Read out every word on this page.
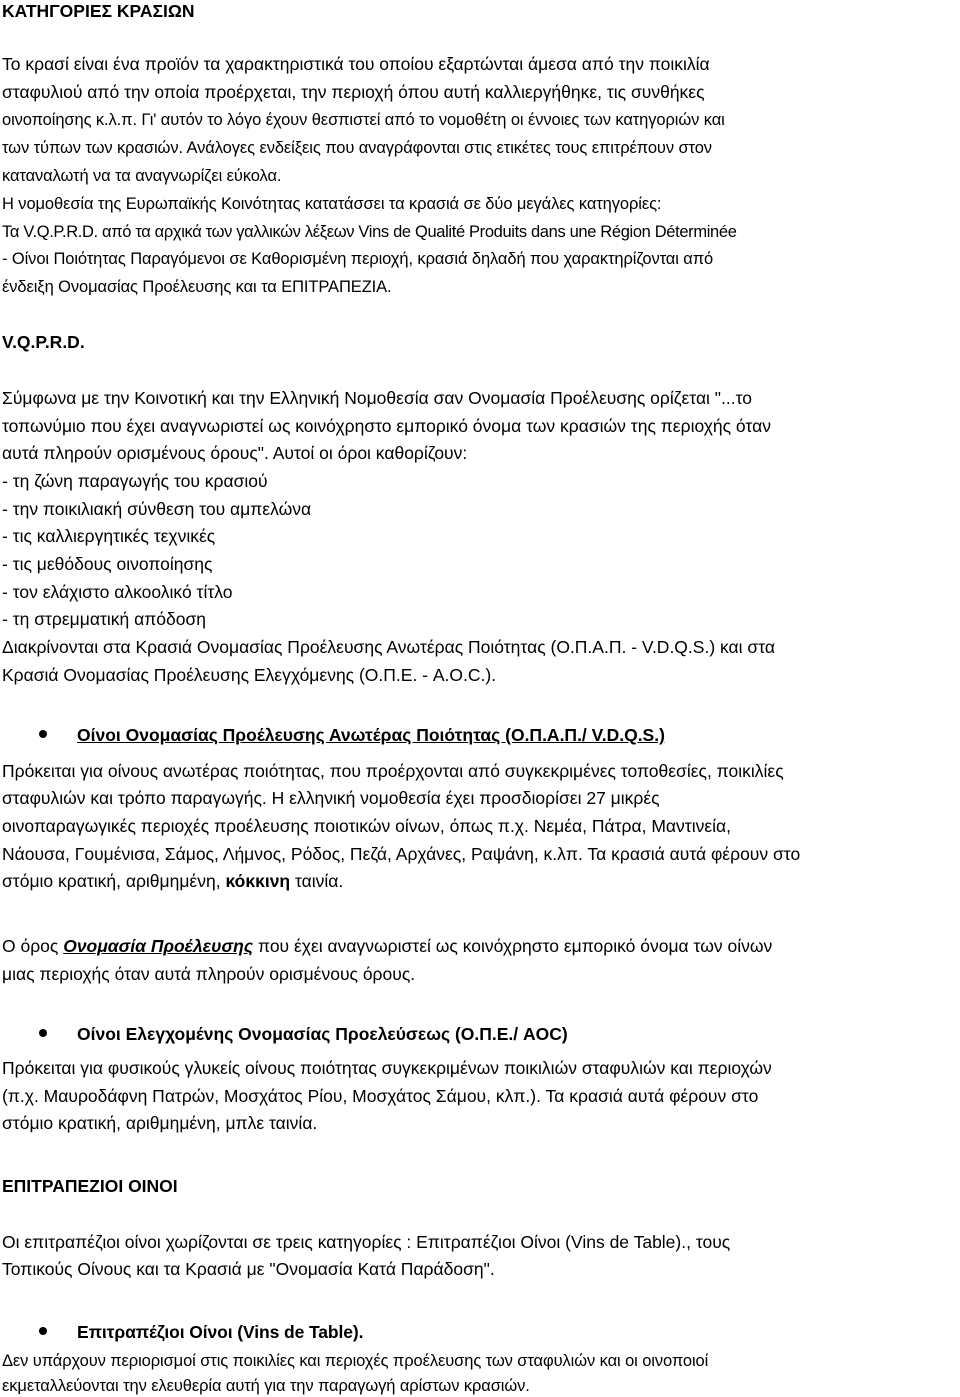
ΚΑΤΗΓΟΡΙΕΣ ΚΡΑΣΙΩΝ
Το κρασί είναι ένα προϊόν τα χαρακτηριστικά του οποίου εξαρτώνται άμεσα από την ποικιλία
σταφυλιού από την οποία προέρχεται, την περιοχή όπου αυτή καλλιεργήθηκε, τις συνθήκες
οινοποίησης κ.λ.π. Γι' αυτόν το λόγο έχουν θεσπιστεί από το νομοθέτη οι έννοιες των κατηγοριών και
των τύπων των κρασιών. Ανάλογες ενδείξεις που αναγράφονται στις ετικέτες τους επιτρέπουν στον
καταναλωτή να τα αναγνωρίζει εύκολα.
Η νομοθεσία της Ευρωπαϊκής Κοινότητας κατατάσσει τα κρασιά σε δύο μεγάλες κατηγορίες:
Τα V.Q.P.R.D. από τα αρχικά των γαλλικών λέξεων Vins de Qualité Produits dans une Région Déterminée
- Οίνοι Ποιότητας Παραγόμενοι σε Καθορισμένη περιοχή, κρασιά δηλαδή που χαρακτηρίζονται από
ένδειξη Ονομασίας Προέλευσης και τα ΕΠΙΤΡΑΠΕΖΙΑ.
V.Q.P.R.D.
Σύμφωνα με την Κοινοτική και την Ελληνική Νομοθεσία σαν Ονομασία Προέλευσης ορίζεται "...το
τοπωνύμιο που έχει αναγνωριστεί ως κοινόχρηστο εμπορικό όνομα των κρασιών της περιοχής όταν
αυτά πληρούν ορισμένους όρους". Αυτοί οι όροι καθορίζουν:
- τη ζώνη παραγωγής του κρασιού
- την ποικιλιακή σύνθεση του αμπελώνα
- τις καλλιεργητικές τεχνικές
- τις μεθόδους οινοποίησης
- τον ελάχιστο αλκοολικό τίτλο
- τη στρεμματική απόδοση
Διακρίνονται στα Κρασιά Ονομασίας Προέλευσης Ανωτέρας Ποιότητας (Ο.Π.Α.Π. - V.D.Q.S.) και στα
Κρασιά Ονομασίας Προέλευσης Ελεγχόμενης (Ο.Π.Ε. - A.O.C.).
Οίνοι Ονομασίας Προέλευσης Ανωτέρας Ποιότητας (Ο.Π.Α.Π./ V.D.Q.S.)
Πρόκειται για οίνους ανωτέρας ποιότητας, που προέρχονται από συγκεκριμένες τοποθεσίες, ποικιλίες
σταφυλιών και τρόπο παραγωγής. Η ελληνική νομοθεσία έχει προσδιορίσει 27 μικρές
οινοπαραγωγικές περιοχές προέλευσης ποιοτικών οίνων, όπως π.χ. Νεμέα, Πάτρα, Μαντινεία,
Νάουσα, Γουμένισα, Σάμος, Λήμνος, Ρόδος, Πεζά, Αρχάνες, Ραψάνη, κ.λπ. Τα κρασιά αυτά φέρουν στο
στόμιο κρατική, αριθμημένη, κόκκινη ταινία.
Ο όρος Ονομασία Προέλευσης που έχει αναγνωριστεί ως κοινόχρηστο εμπορικό όνομα των οίνων
μιας περιοχής όταν αυτά πληρούν ορισμένους όρους.
Οίνοι Ελεγχομένης Ονομασίας Προελεύσεως (Ο.Π.Ε./ AOC)
Πρόκειται για φυσικούς γλυκείς οίνους ποιότητας συγκεκριμένων ποικιλιών σταφυλιών και περιοχών
(π.χ. Μαυροδάφνη Πατρών, Μοσχάτος Ρίου, Μοσχάτος Σάμου, κλπ.). Τα κρασιά αυτά φέρουν στο
στόμιο κρατική, αριθμημένη, μπλε ταινία.
ΕΠΙΤΡΑΠΕΖΙΟΙ ΟΙΝΟΙ
Οι επιτραπέζιοι οίνοι χωρίζονται σε τρεις κατηγορίες : Επιτραπέζιοι Οίνοι (Vins de Table)., τους
Τοπικούς Οίνους και τα Κρασιά με "Ονομασία Κατά Παράδοση".
Επιτραπέζιοι Οίνοι (Vins de Table).
Δεν υπάρχουν περιορισμοί στις ποικιλίες και περιοχές προέλευσης των σταφυλιών και οι οινοποιοί
εκμεταλλεύονται την ελευθερία αυτή για την παραγωγή αρίστων κρασιών.
